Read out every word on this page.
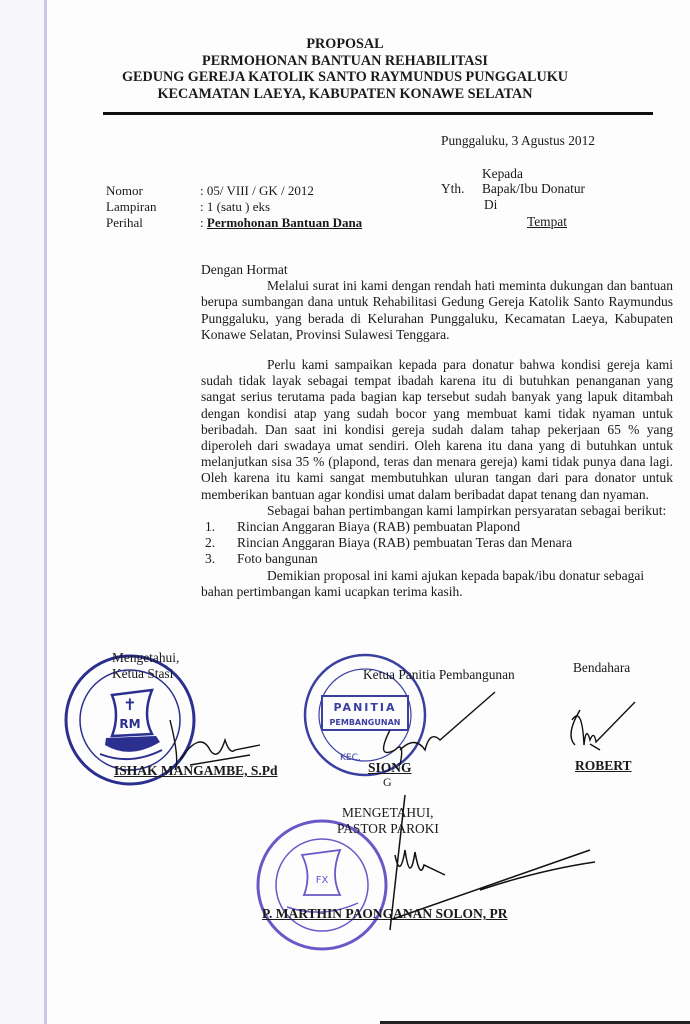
PROPOSAL
PERMOHONAN BANTUAN REHABILITASI
GEDUNG GEREJA KATOLIK SANTO RAYMUNDUS PUNGGALUKU
KECAMATAN LAEYA, KABUPATEN KONAWE SELATAN
Punggaluku, 3 Agustus 2012
Kepada
Yth. Bapak/Ibu Donatur
Di
Tempat
Nomor	: 05/ VIII / GK / 2012
Lampiran	: 1 (satu ) eks
Perihal	: Permohonan Bantuan Dana
Dengan Hormat

Melalui surat ini kami dengan rendah hati meminta dukungan dan bantuan berupa sumbangan dana untuk Rehabilitasi Gedung Gereja Katolik Santo Raymundus Punggaluku, yang berada di Kelurahan Punggaluku, Kecamatan Laeya, Kabupaten Konawe Selatan, Provinsi Sulawesi Tenggara.

Perlu kami sampaikan kepada para donatur bahwa kondisi gereja kami sudah tidak layak sebagai tempat ibadah karena itu di butuhkan penanganan yang sangat serius terutama pada bagian kap tersebut sudah banyak yang lapuk ditambah dengan kondisi atap yang sudah bocor yang membuat kami tidak nyaman untuk beribadah. Dan saat ini kondisi gereja sudah dalam tahap pekerjaan 65 % yang diperoleh dari swadaya umat sendiri. Oleh karena itu dana yang di butuhkan untuk melanjutkan sisa 35 % (plapond, teras dan menara gereja) kami tidak punya dana lagi. Oleh karena itu kami sangat membutuhkan uluran tangan dari para donator untuk memberikan bantuan agar kondisi umat dalam beribadat dapat tenang dan nyaman.

Sebagai bahan pertimbangan kami lampirkan persyaratan sebagai berikut:

1.	Rincian Anggaran Biaya (RAB) pembuatan Plapond
2.	Rincian Anggaran Biaya (RAB) pembuatan Teras dan Menara
3.	Foto bangunan

Demikian proposal ini kami ajukan kepada bapak/ibu donatur sebagai bahan pertimbangan kami ucapkan terima kasih.

✝
RM
Mengetahui,
Ketua Stasi
ISHAK MANGAMBE, S.Pd
PANITIA
PEMBANGUNAN
KEC.
Ketua Panitia Pembangunan
SIONG
G
Bendahara
ROBERT
FX
MENGETAHUI,
PASTOR PAROKI
P. MARTHIN PAONGANAN SOLON, PR
